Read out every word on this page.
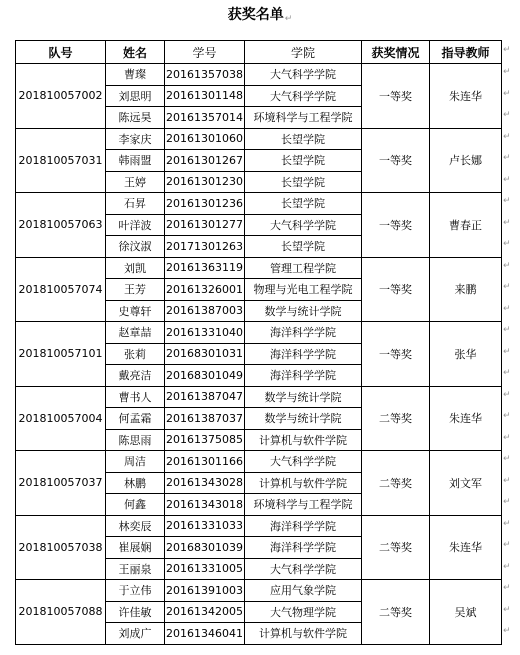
获奖名单↵
队号	姓名	学号	学院	获奖情况	指导教师
201810057002	曹璨	20161357038	大气科学学院	一等奖	朱连华
	刘思明	20161301148	大气科学学院		
	陈远昊	20161357014	环境科学与工程学院		
201810057031	李家庆	20161301060	长望学院	一等奖	卢长娜
	韩雨盟	20161301267	长望学院		
	王婷	20161301230	长望学院		
201810057063	石昇	20161301236	长望学院	一等奖	曹春正
	叶洋波	20161301277	大气科学学院		
	徐汶淑	20171301263	长望学院		
201810057074	刘凯	20161363119	管理工程学院	一等奖	来鹏
	王芳	20161326001	物理与光电工程学院		
	史尊轩	20161387003	数学与统计学院		
201810057101	赵章喆	20161331040	海洋科学学院	一等奖	张华
	张莉	20168301031	海洋科学学院		
	戴亮洁	20168301049	海洋科学学院		
201810057004	曹书人	20161387047	数学与统计学院	二等奖	朱连华
	何孟霜	20161387037	数学与统计学院		
	陈思雨	20161375085	计算机与软件学院		
201810057037	周洁	20161301166	大气科学学院	二等奖	刘文军
	林鹏	20161343028	计算机与软件学院		
	何鑫	20161343018	环境科学与工程学院		
201810057038	林奕辰	20161331033	海洋科学学院	二等奖	朱连华
	崔展娴	20168301039	海洋科学学院		
	王丽泉	20161331005	大气科学学院		
201810057088	于立伟	20161391003	应用气象学院	二等奖	吴斌
	许佳敏	20161342005	大气物理学院		
	刘成广	20161346041	计算机与软件学院		
↵
↵
↵
↵
↵
↵
↵
↵
↵
↵
↵
↵
↵
↵
↵
↵
↵
↵
↵
↵
↵
↵
↵
↵
↵
↵
↵
↵
